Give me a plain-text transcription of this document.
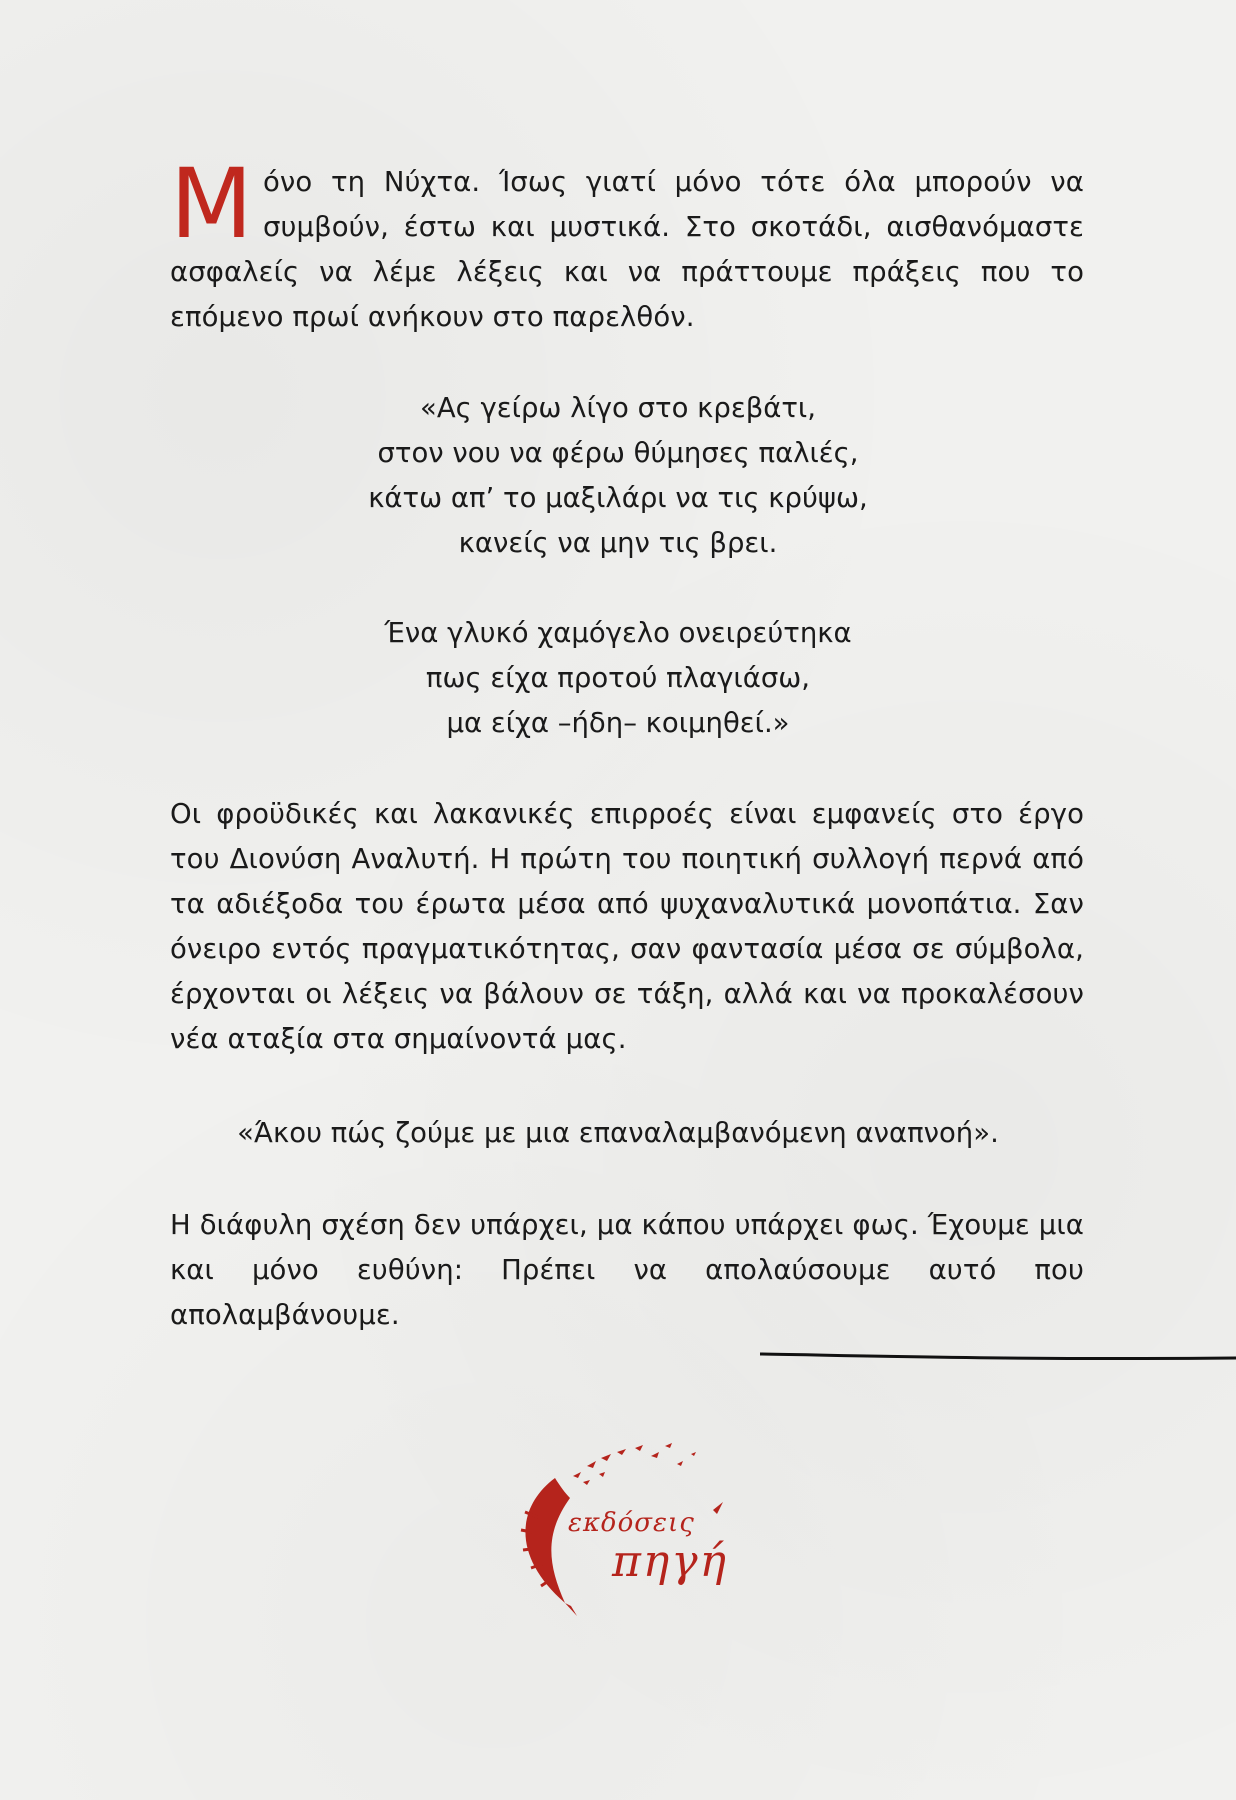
Μόνο τη Νύχτα. Ίσως γιατί μόνο τότε όλα μπορούν να συμβούν, έστω και μυστικά. Στο σκοτάδι, αισθανόμαστε ασφαλείς να λέμε λέξεις και να πράττουμε πράξεις που το επόμενο πρωί ανήκουν στο παρελθόν.
«Ας γείρω λίγο στο κρεβάτι,
στον νου να φέρω θύμησες παλιές,
κάτω απ’ το μαξιλάρι να τις κρύψω,
κανείς να μην τις βρει.
Ένα γλυκό χαμόγελο ονειρεύτηκα
πως είχα προτού πλαγιάσω,
μα είχα –ήδη– κοιμηθεί.»
Οι φροϋδικές και λακανικές επιρροές είναι εμφανείς στο έργο του Διονύση Αναλυτή. Η πρώτη του ποιητική συλλογή περνά από τα αδιέξοδα του έρωτα μέσα από ψυχαναλυτικά μονοπάτια. Σαν όνειρο εντός πραγματικότητας, σαν φαντασία μέσα σε σύμβολα, έρχονται οι λέξεις να βάλουν σε τάξη, αλλά και να προκαλέσουν νέα αταξία στα σημαίνοντά μας.
«Άκου πώς ζούμε με μια επαναλαμβανόμενη αναπνοή».
Η διάφυλη σχέση δεν υπάρχει, μα κάπου υπάρχει φως. Έχουμε μια και μόνο ευθύνη: Πρέπει να απολαύσουμε αυτό που απολαμβάνουμε.
εκδόσεις
πηγή
